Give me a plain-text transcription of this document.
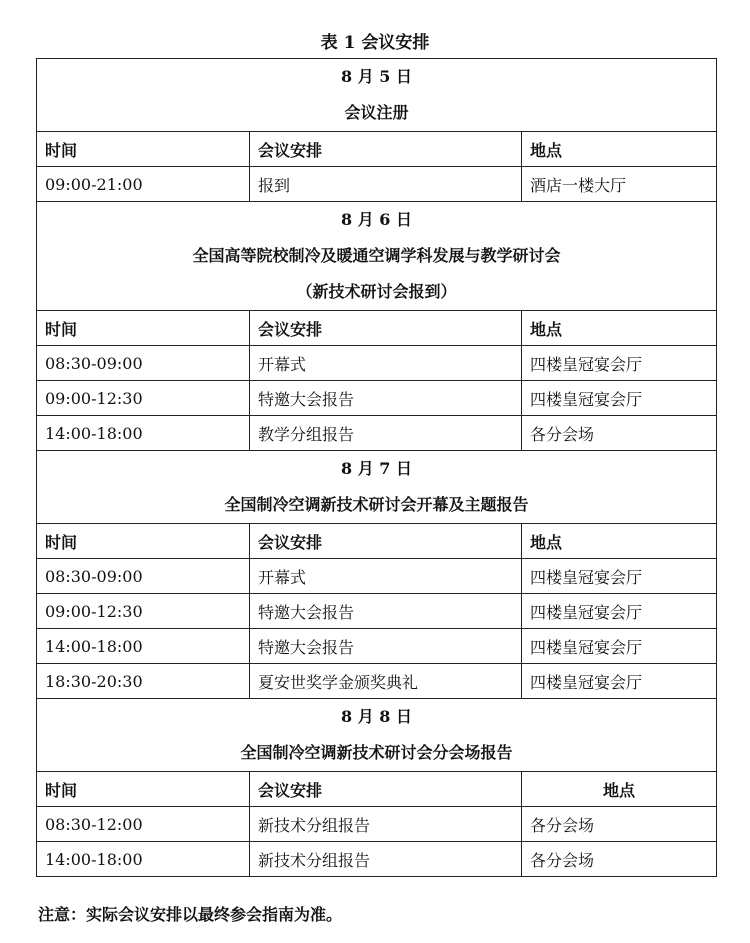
表 1 会议安排
8 月 5 日
会议注册		

时间	会议安排	地点
09:00-21:00	报到	酒店一楼大厅

8 月 6 日
全国高等院校制冷及暖通空调学科发展与教学研讨会
（新技术研讨会报到）		

时间	会议安排	地点
08:30-09:00	开幕式	四楼皇冠宴会厅
09:00-12:30	特邀大会报告	四楼皇冠宴会厅
14:00-18:00	教学分组报告	各分会场

8 月 7 日
全国制冷空调新技术研讨会开幕及主题报告		

时间	会议安排	地点
08:30-09:00	开幕式	四楼皇冠宴会厅
09:00-12:30	特邀大会报告	四楼皇冠宴会厅
14:00-18:00	特邀大会报告	四楼皇冠宴会厅
18:30-20:30	夏安世奖学金颁奖典礼	四楼皇冠宴会厅

8 月 8 日
全国制冷空调新技术研讨会分会场报告		

时间	会议安排	地点
08:30-12:00	新技术分组报告	各分会场
14:00-18:00	新技术分组报告	各分会场
注意：实际会议安排以最终参会指南为准。
